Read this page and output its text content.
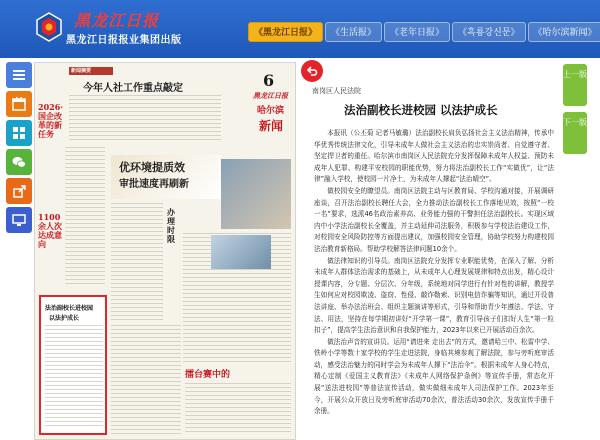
黑龙江日报
黑龙江日报报业集团出版
《黑龙江日报》	《生活报》	《老年日报》	《흑룡강신문》	《哈尔滨新闻》
新闻摘要
今年人社工作重点敲定
2026·国企改革的新任务
1100余人次达成意向
6
黑龙江日报
哈尔滨
新闻
优环境提质效
审批速度再刷新
办理时限
法治副校长进校园
以法护成长
擂台赛中的
南岗区人民法院
法治副校长进校园 以法护成长

本报讯（公丕菊 记者马敏璐）法治副校长肩负弘扬社会主义法治精神，传承中华优秀传统法律文化，引导未成年人做社会主义法治的忠实崇尚者、自觉遵守者、坚定捍卫者的重任。哈尔滨市南岗区人民法院充分发挥保障未成年人权益、预防未成年人犯罪、构建平安校园的职能优势，努力将法治副校长工作“实做优”，让“法律”融入学校，使校园一片净土，为未成年人撑起“法治晴空”。

做校园安全的瞭望员。南岗区法院主动与区教育局、学校沟通对接，开展调研座谈，召开法治副校长聘任大会，全力推动法治副校长工作落地见效，按照“一校一名”要求，选派46名政治素养高、业务能力强的干警担任法治副校长。实现区域内中小学法治副校长全覆盖，并主动延伸司法服务，积极参与学校法治建设工作，对校园安全风险防控等方面提出建议，加强校园安全管理，协助学校努力构建校园法治教育新格局。帮助学校解答法律问题10余个。

做法律知识的引导员。南岗区法院充分发挥专业职能优势，在深入了解、分析未成年人群体法治需求的基础上，从未成年人心理发展规律和特点出发，精心设计授课内容，分专题、分层次、分年级，系统地对同学进行有针对性的讲解，教授学生如何应对校园欺凌、盗窃、性侵、敲诈勒索、识别电信诈骗等知识，通过开设普法讲座、举办法治班会、组织主题演讲等形式，引导和帮助青少年遵法、学法、守法、用法，坚持在每学期初讲好“开学第一课”，教育引导孩子们扣好人生“第一粒扣子”，提高学生法治意识和自我保护能力，2023年以来已开展活动百余次。

做法治声音的宣讲员。运用“请进来 走出去”的方式，邀请哈三中、松雷中学、铁岭小学等数十家学校的学生走进法院，身临其境参观了解法院，参与旁听庭审活动，感受法治魅力的同时学会为未成年人撑下“法治伞”。根据未成年人身心特点，精心定制《爱国主义教育法》《未成年人网络保护条例》等宣传手册，常态化开展“送法进校园”等普法宣传活动，做实做细未成年人司法保护工作。2023年至今，开展公众开放日及旁听庭审活动70余次，普法活动30余次，发放宣传手册千余册。

上一版
下一版
